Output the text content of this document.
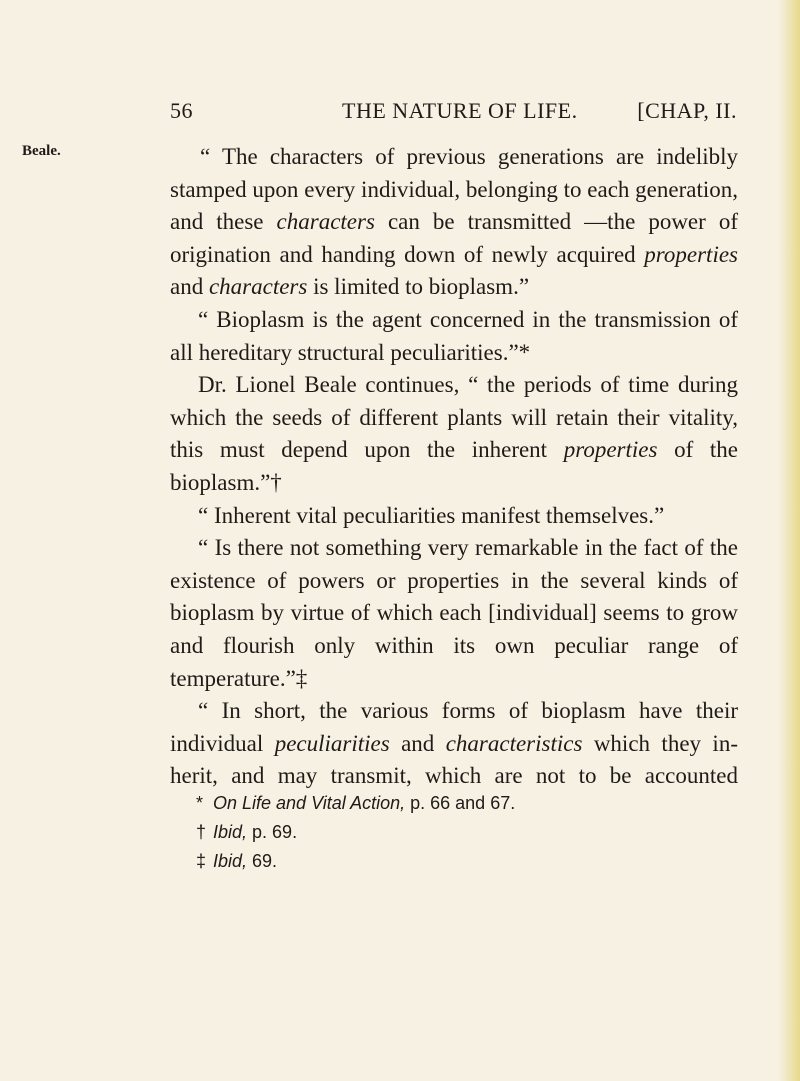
56	THE NATURE OF LIFE.	[CHAP, II.
Beale.	“ The characters of previous generations are indelibly stamped upon every individual, belonging to each generation, and these characters can be transmitted —the power of origination and handing down of newly acquired properties and characters is limited to bioplasm.”

“ Bioplasm is the agent concerned in the transmission of all hereditary structural peculiarities.”*

Dr. Lionel Beale continues, “ the periods of time during which the seeds of different plants will retain their vitality, this must depend upon the inherent properties of the bioplasm.”†

“ Inherent vital peculiarities manifest themselves.”

“ Is there not something very remarkable in the fact of the existence of powers or properties in the several kinds of bioplasm by virtue of which each [individual] seems to grow and flourish only within its own peculiar range of temperature.”‡

“ In short, the various forms of bioplasm have their individual peculiarities and characteristics which they inherit, and may transmit, which are not to be accounted

* On Life and Vital Action, p. 66 and 67.
† Ibid, p. 69.
‡ Ibid, 69.
